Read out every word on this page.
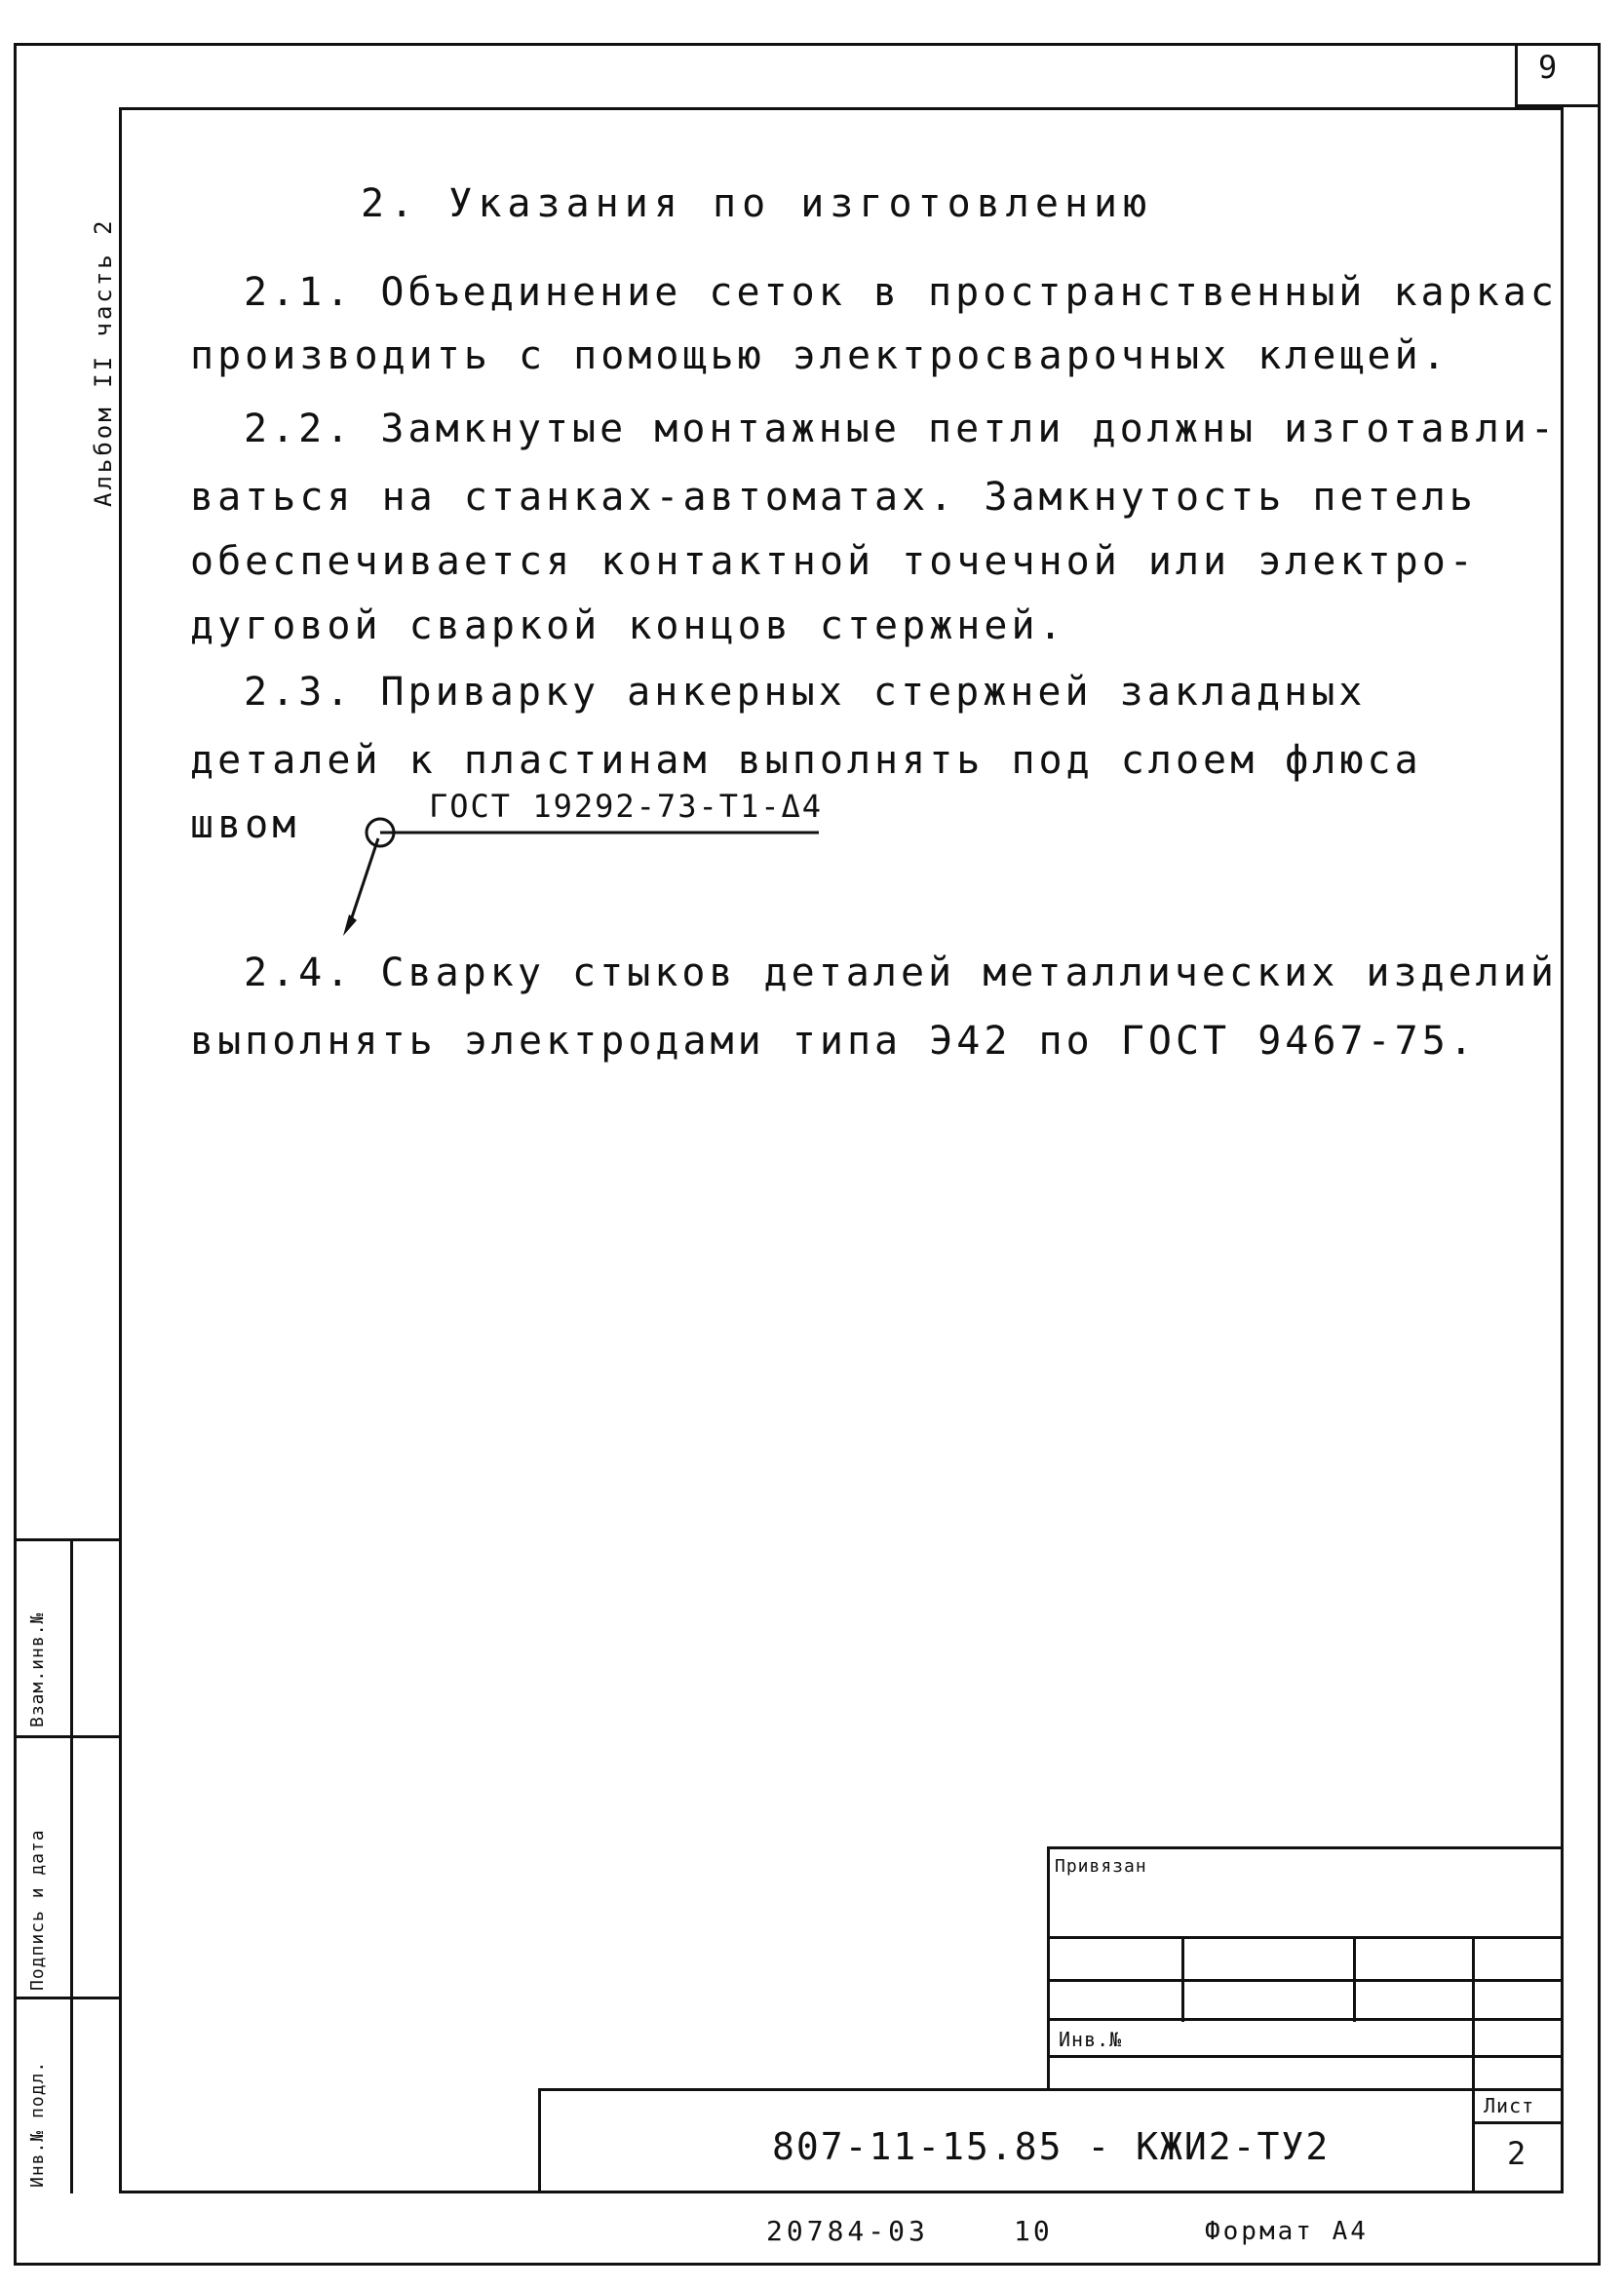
9
Альбом II часть 2
Взам.инв.№
Подпись и дата
Инв.№ подл.
2. Указания по изготовлению
2.1. Объединение сеток в пространственный каркас
производить с помощью электросварочных клещей.
2.2. Замкнутые монтажные петли должны изготавли-
ваться на станках-автоматах. Замкнутость петель
обеспечивается контактной точечной или электро-
дуговой сваркой концов стержней.
2.3. Приварку анкерных стержней закладных
деталей к пластинам выполнять под слоем флюса
швом	ГОСТ 19292-73-Т1-Δ4
2.4. Сварку стыков деталей металлических изделий
выполнять электродами типа Э42 по ГОСТ 9467-75.
Привязан
Инв.№
Лист
2
807-11-15.85 - КЖИ2-ТУ2
20784-03	10	Формат А4
